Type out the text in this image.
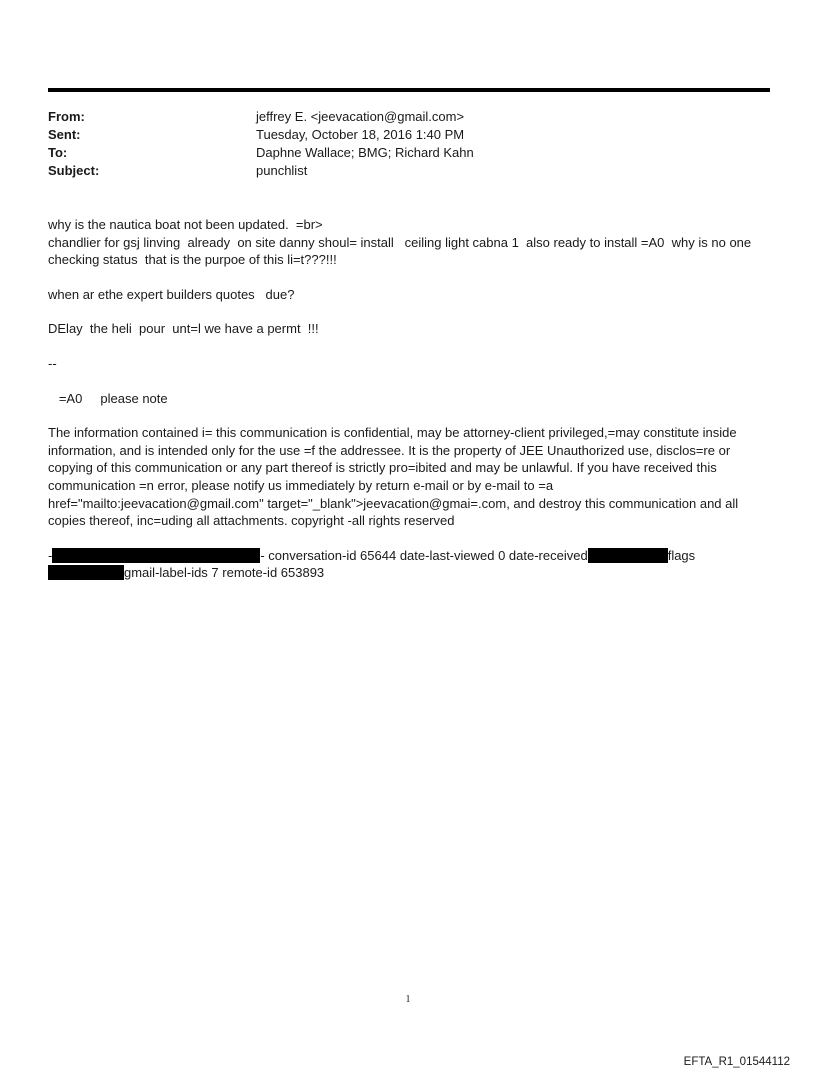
From:	jeffrey E. <jeevacation@gmail.com>
Sent:	Tuesday, October 18, 2016 1:40 PM
To:	Daphne Wallace; BMG; Richard Kahn
Subject:	punchlist

why is the nautica boat not been updated.  =br>

chandlier for gsj linving  already  on site danny shoul= install   ceiling light cabna 1  also ready to install =A0  why is no one checking status  that is the purpoe of this li=t???!!!

when ar ethe expert builders quotes   due?

DElay  the heli  pour  unt=l we have a permt  !!!

--

=A0     please note

The information contained i= this communication is confidential, may be attorney-client privileged,=may constitute inside information, and is intended only for the use =f the addressee. It is the property of JEE Unauthorized use, disclos=re or copying of this communication or any part thereof is strictly pro=ibited and may be unlawful. If you have received this communication =n error, please notify us immediately by return e-mail or by e-mail to =a href="mailto:jeevacation@gmail.com" target="_blank">jeevacation@gmai=.com, and destroy this communication and all copies thereof, inc=uding all attachments. copyright -all rights reserved

-	- conversation-id 65644 date-last-viewed 0 date-received	flags
gmail-label-ids 7 remote-id 653893

1
EFTA_R1_01544112
